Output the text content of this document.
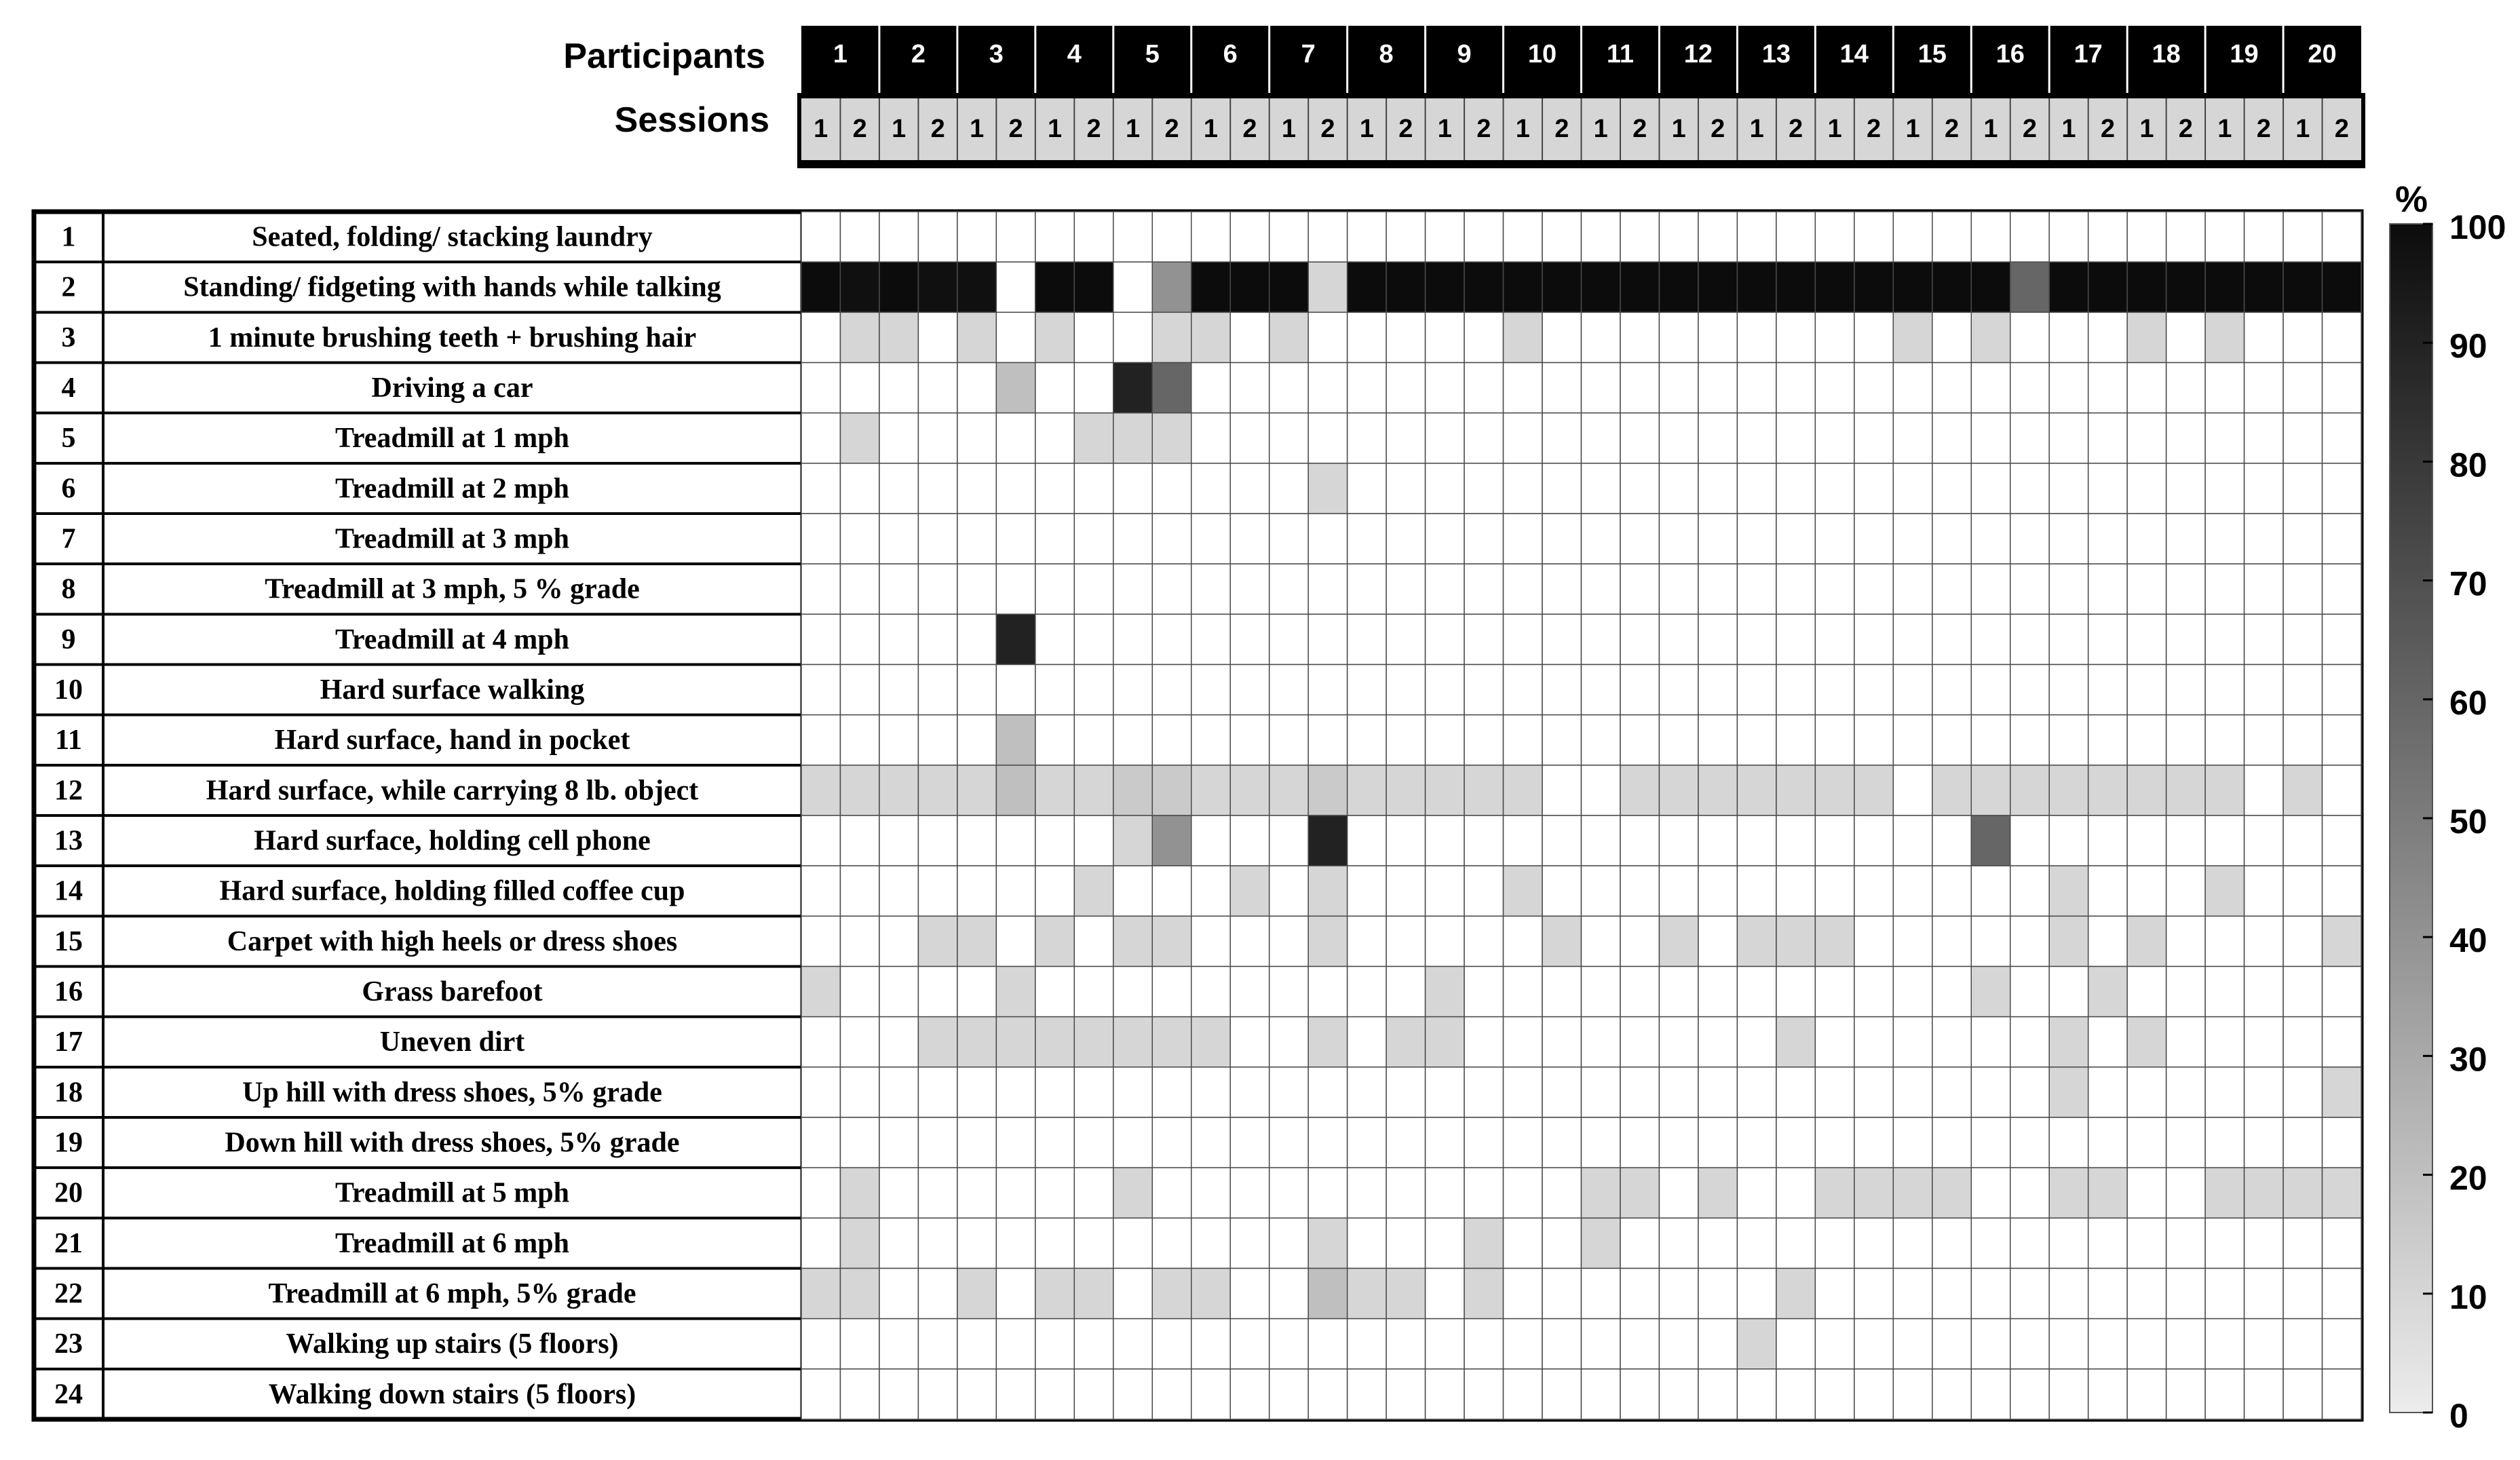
Participants
Sessions
1 2 3 4 5 6 7 8 9 10 11 12 13 14 15 16 17 18 19 20
1 2 1 2 1 2 1 2 1 2 1 2 1 2 1 2 1 2 1 2 1 2 1 2 1 2 1 2 1 2 1 2 1 2 1 2 1 2 1 2
1	Seated, folding/ stacking laundry
2	Standing/ fidgeting with hands while talking
3	1 minute brushing teeth + brushing hair
4	Driving a car
5	Treadmill at 1 mph
6	Treadmill at 2 mph
7	Treadmill at 3 mph
8	Treadmill at 3 mph, 5 % grade
9	Treadmill at 4 mph
10	Hard surface walking
11	Hard surface, hand in pocket
12	Hard surface, while carrying 8 lb. object
13	Hard surface, holding cell phone
14	Hard surface, holding filled coffee cup
15	Carpet with high heels or dress shoes
16	Grass barefoot
17	Uneven dirt
18	Up hill with dress shoes, 5% grade
19	Down hill with dress shoes, 5% grade
20	Treadmill at 5 mph
21	Treadmill at 6 mph
22	Treadmill at 6 mph, 5% grade
23	Walking up stairs (5 floors)
24	Walking down stairs (5 floors)
%
0
10
20
30
40
50
60
70
80
90
100
